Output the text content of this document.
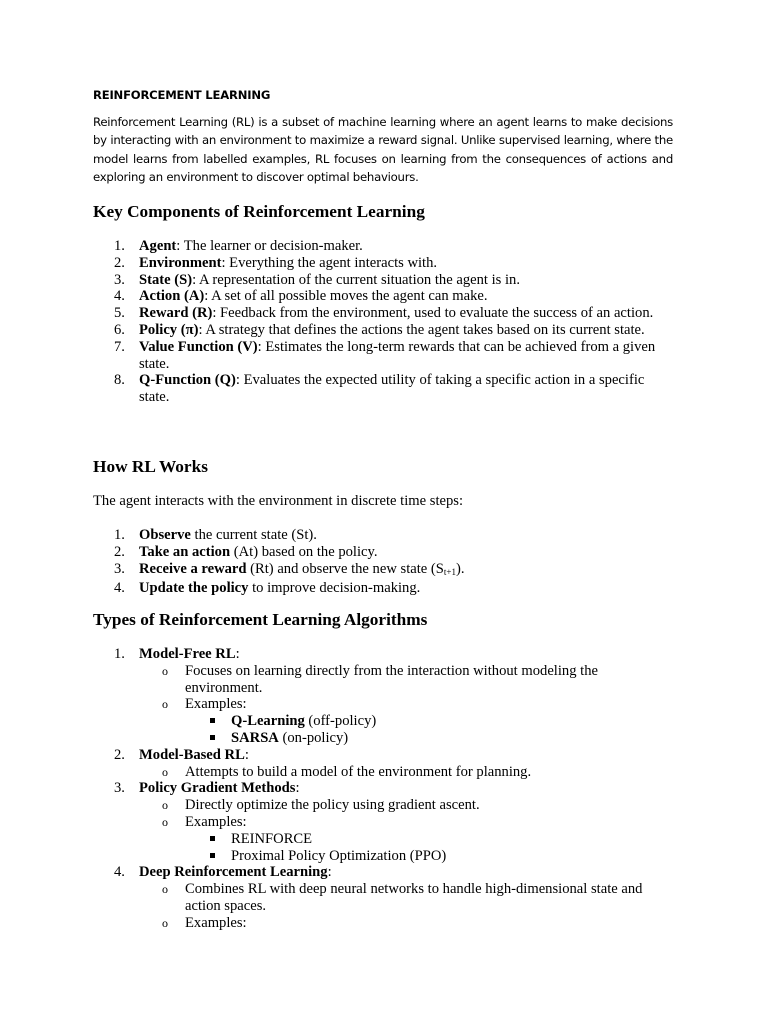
REINFORCEMENT LEARNING

Reinforcement Learning (RL) is a subset of machine learning where an agent learns to make decisions by interacting with an environment to maximize a reward signal. Unlike supervised learning, where the model learns from labelled examples, RL focuses on learning from the consequences of actions and exploring an environment to discover optimal behaviours.

Key Components of Reinforcement Learning
1. Agent: The learner or decision-maker.
2. Environment: Everything the agent interacts with.
3. State (S): A representation of the current situation the agent is in.
4. Action (A): A set of all possible moves the agent can make.
5. Reward (R): Feedback from the environment, used to evaluate the success of an action.
6. Policy (π): A strategy that defines the actions the agent takes based on its current state.
7. Value Function (V): Estimates the long-term rewards that can be achieved from a given state.
8. Q-Function (Q): Evaluates the expected utility of taking a specific action in a specific state.
How RL Works
The agent interacts with the environment in discrete time steps:
1. Observe the current state (St).
2. Take an action (At) based on the policy.
3. Receive a reward (Rt) and observe the new state $(S_{t+1})$.
4. Update the policy to improve decision-making.
Types of Reinforcement Learning Algorithms
1. Model-Free RL:
o Focuses on learning directly from the interaction without modeling the environment.
o Examples:
Q-Learning (off-policy)
SARSA (on-policy)
2. Model-Based RL:
o Attempts to build a model of the environment for planning.
3. Policy Gradient Methods:
o Directly optimize the policy using gradient ascent.
o Examples:
REINFORCE
Proximal Policy Optimization (PPO)
4. Deep Reinforcement Learning:
o Combines RL with deep neural networks to handle high-dimensional state and action spaces.
o Examples:
